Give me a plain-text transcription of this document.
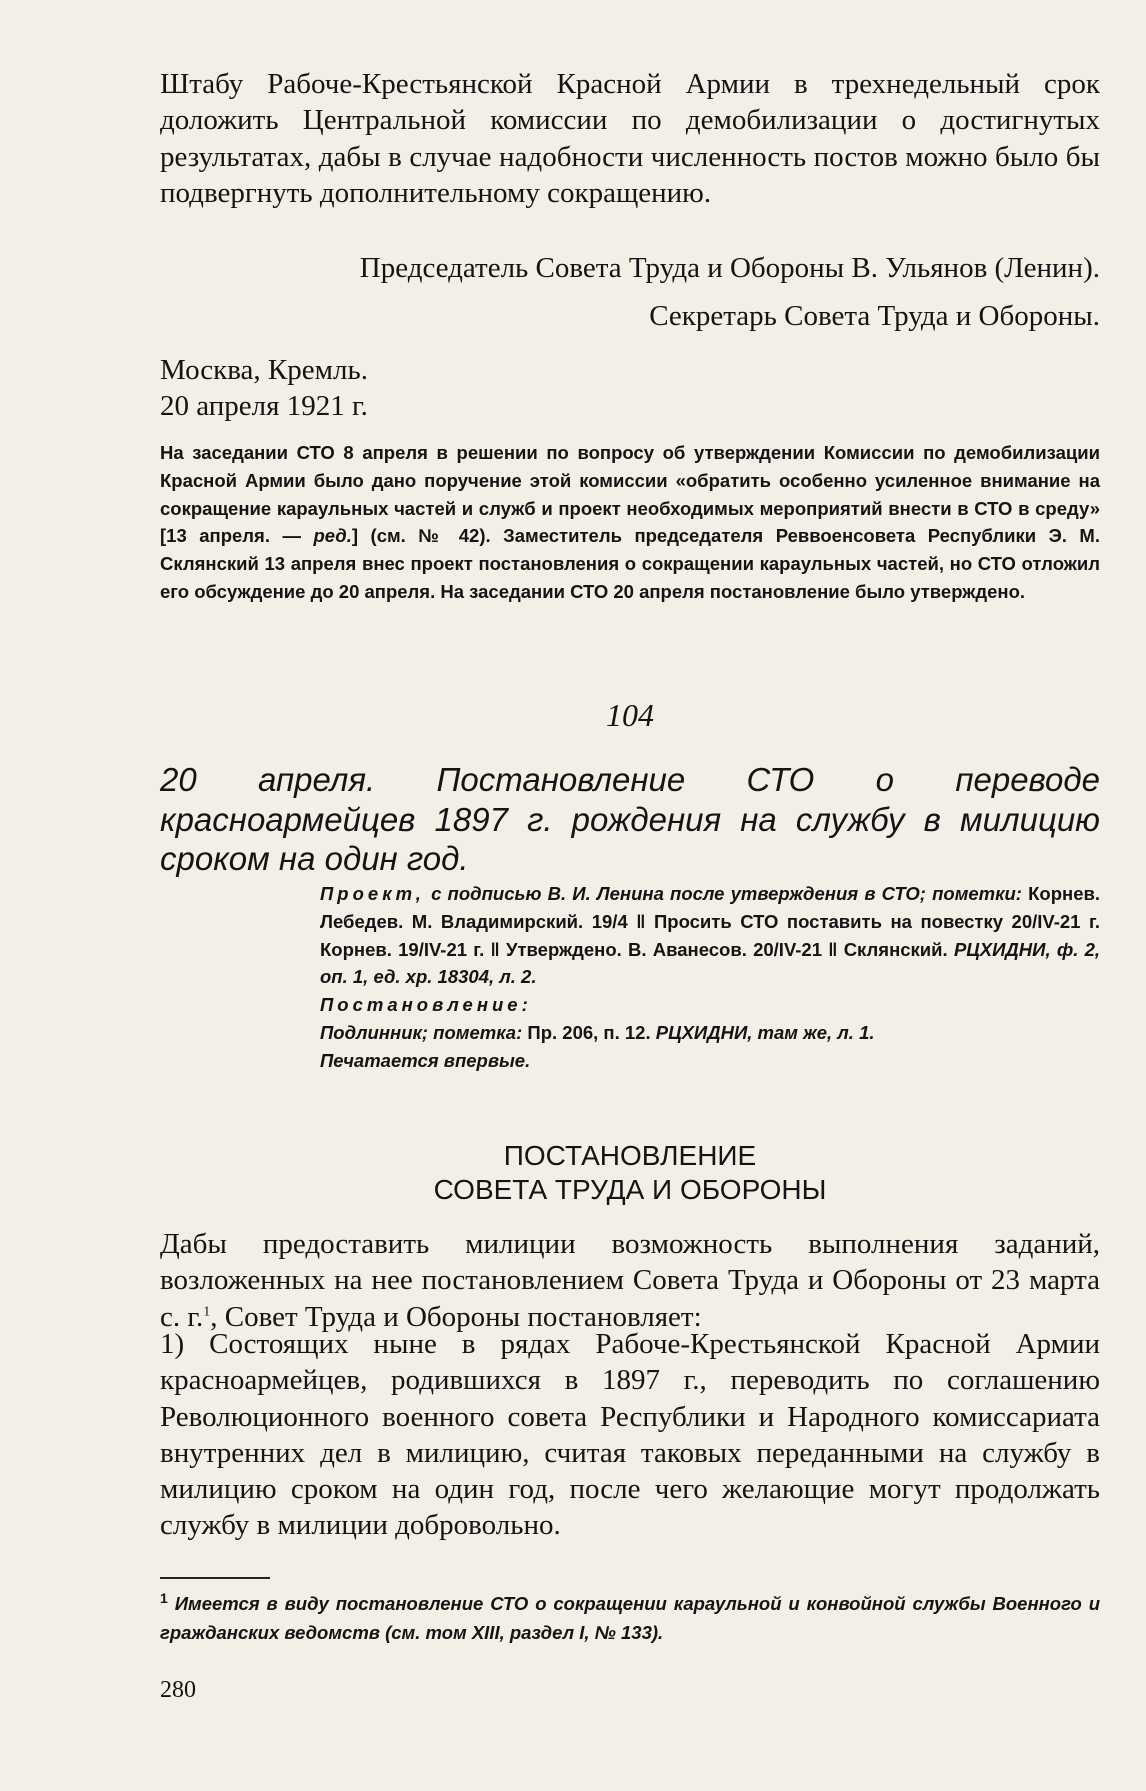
Штабу Рабоче-Крестьянской Красной Армии в трехнедельный срок доложить Центральной комиссии по демобилизации о достигнутых результатах, дабы в случае надобности численность постов можно было бы подвергнуть дополнительному сокращению.

Председатель Совета Труда и Обороны В. Ульянов (Ленин).

Секретарь Совета Труда и Обороны.

Москва, Кремль.

20 апреля 1921 г.

На заседании СТО 8 апреля в решении по вопросу об утверждении Комиссии по демобилизации Красной Армии было дано поручение этой комиссии «обратить особенно усиленное внимание на сокращение караульных частей и служб и проект необходимых мероприятий внести в СТО в среду» [13 апреля. — ред.] (см. № 42). Заместитель председателя Реввоенсовета Республики Э. М. Склянский 13 апреля внес проект постановления о сокращении караульных частей, но СТО отложил его обсуждение до 20 апреля. На заседании СТО 20 апреля постановление было утверждено.

104

20 апреля. Постановление СТО о переводе красноармейцев 1897 г. рождения на службу в милицию сроком на один год.

Проект, с подписью В. И. Ленина после утверждения в СТО; пометки: Корнев. Лебедев. М. Владимирский. 19/4 ‖ Просить СТО поставить на повестку 20/IV-21 г. Корнев. 19/IV-21 г. ‖ Утверждено. В. Аванесов. 20/IV-21 ‖ Склянский. РЦХИДНИ, ф. 2, оп. 1, ед. хр. 18304, л. 2.

Постановление:

Подлинник; пометка: Пр. 206, п. 12. РЦХИДНИ, там же, л. 1.

Печатается впервые.

ПОСТАНОВЛЕНИЕ

СОВЕТА ТРУДА И ОБОРОНЫ

Дабы предоставить милиции возможность выполнения заданий, возложенных на нее постановлением Совета Труда и Обороны от 23 марта с. г.$^1$, Совет Труда и Обороны постановляет:

1) Состоящих ныне в рядах Рабоче-Крестьянской Красной Армии красноармейцев, родившихся в 1897 г., переводить по соглашению Революционного военного совета Республики и Народного комиссариата внутренних дел в милицию, считая таковых переданными на службу в милицию сроком на один год, после чего желающие могут продолжать службу в милиции добровольно.

$^1$ Имеется в виду постановление СТО о сокращении караульной и конвойной службы Военного и гражданских ведомств (см. том XIII, раздел I, № 133).

280
